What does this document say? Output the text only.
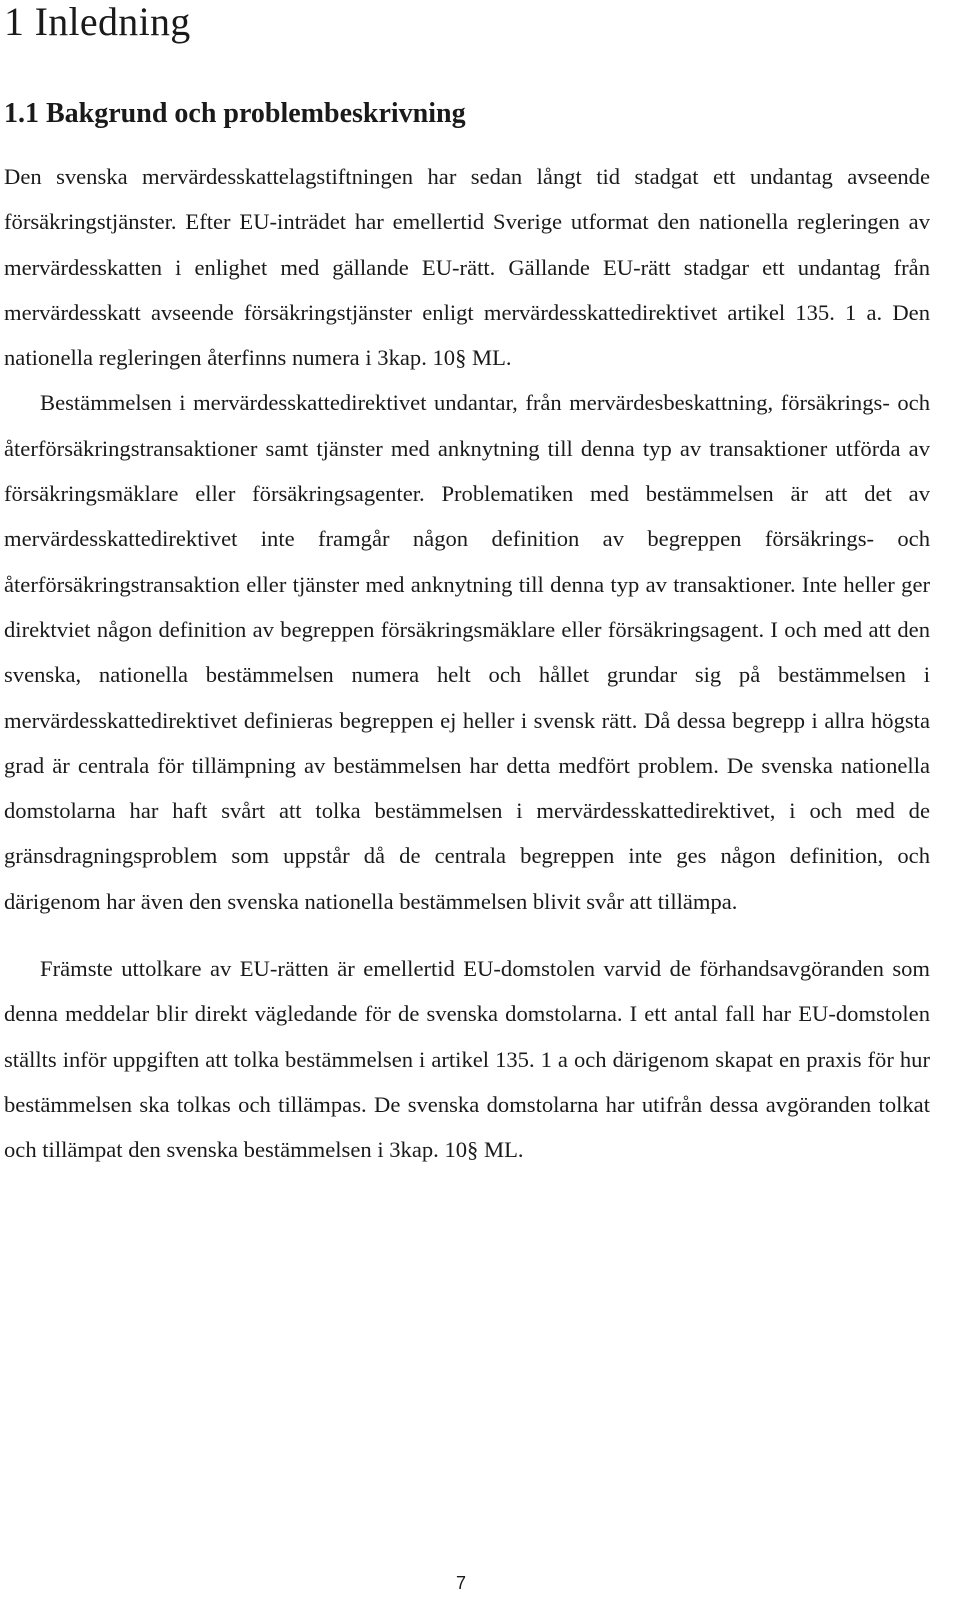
1 Inledning
1.1 Bakgrund och problembeskrivning

Den svenska mervärdesskattelagstiftningen har sedan långt tid stadgat ett undantag avseende försäkringstjänster. Efter EU-inträdet har emellertid Sverige utformat den nationella regleringen av mervärdesskatten i enlighet med gällande EU-rätt. Gällande EU-rätt stadgar ett undantag från mervärdesskatt avseende försäkringstjänster enligt mervärdesskattedirektivet artikel 135. 1 a. Den nationella regleringen återfinns numera i 3kap. 10§ ML.

Bestämmelsen i mervärdesskattedirektivet undantar, från mervärdesbeskattning, försäkrings- och återförsäkringstransaktioner samt tjänster med anknytning till denna typ av transaktioner utförda av försäkringsmäklare eller försäkringsagenter. Problematiken med bestämmelsen är att det av mervärdesskattedirektivet inte framgår någon definition av begreppen försäkrings- och återförsäkringstransaktion eller tjänster med anknytning till denna typ av transaktioner. Inte heller ger direktviet någon definition av begreppen försäkringsmäklare eller försäkringsagent. I och med att den svenska, nationella bestämmelsen numera helt och hållet grundar sig på bestämmelsen i mervärdesskattedirektivet definieras begreppen ej heller i svensk rätt. Då dessa begrepp i allra högsta grad är centrala för tillämpning av bestämmelsen har detta medfört problem. De svenska nationella domstolarna har haft svårt att tolka bestämmelsen i mervärdesskattedirektivet, i och med de gränsdragningsproblem som uppstår då de centrala begreppen inte ges någon definition, och därigenom har även den svenska nationella bestämmelsen blivit svår att tillämpa.

Främste uttolkare av EU-rätten är emellertid EU-domstolen varvid de förhandsavgöranden som denna meddelar blir direkt vägledande för de svenska domstolarna. I ett antal fall har EU-domstolen ställts inför uppgiften att tolka bestämmelsen i artikel 135. 1 a och därigenom skapat en praxis för hur bestämmelsen ska tolkas och tillämpas. De svenska domstolarna har utifrån dessa avgöranden tolkat och tillämpat den svenska bestämmelsen i 3kap. 10§ ML.

7
